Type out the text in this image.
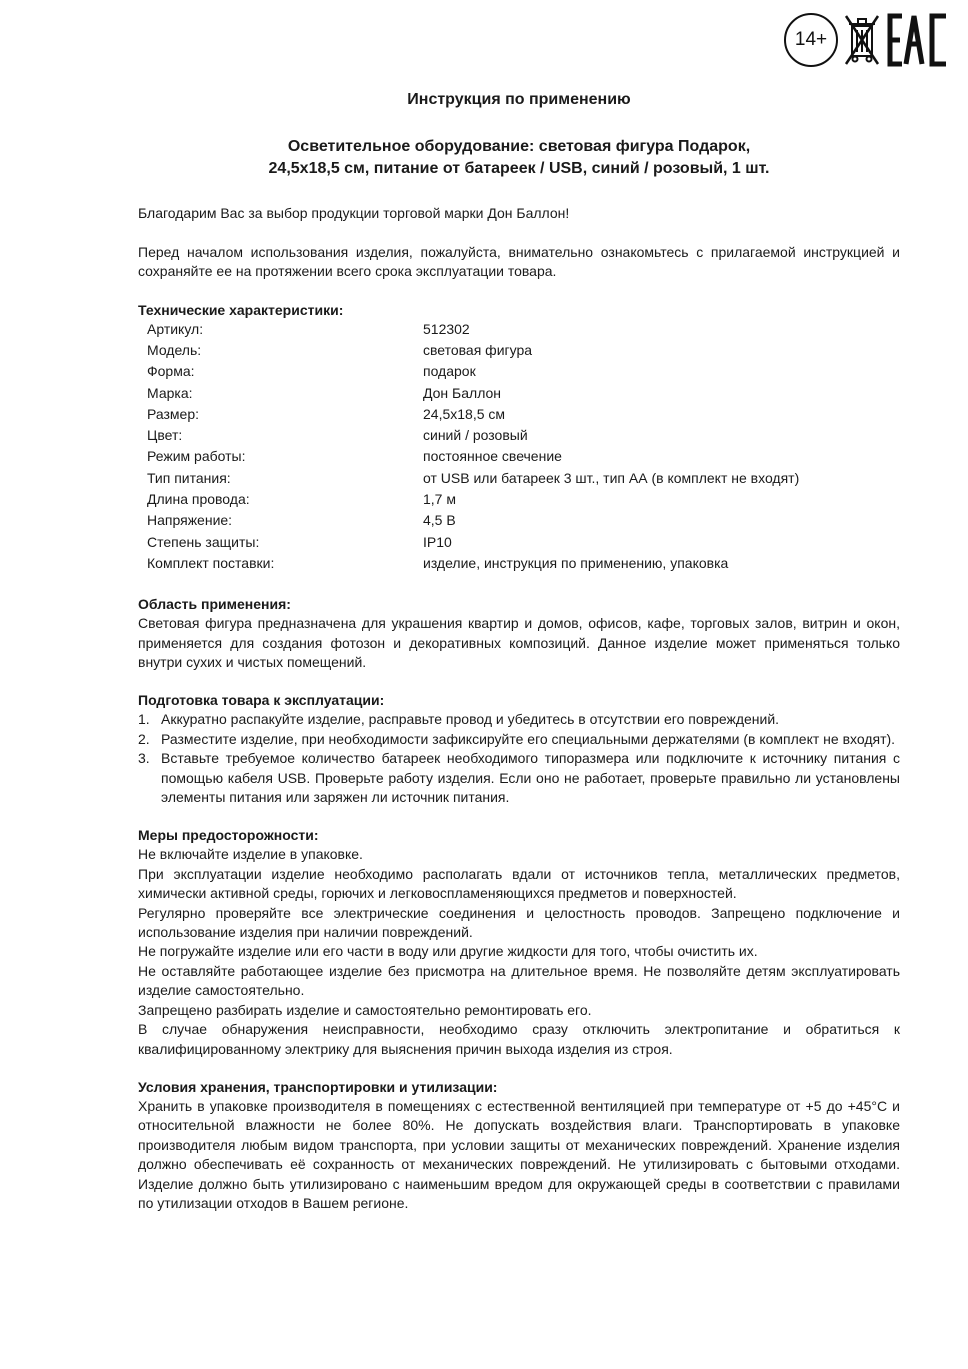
14+

Инструкция по применению

Осветительное оборудование: световая фигура Подарок,
24,5х18,5 см, питание от батареек / USB, синий / розовый, 1 шт.

Благодарим Вас за выбор продукции торговой марки Дон Баллон!

Перед началом использования изделия, пожалуйста, внимательно ознакомьтесь с прилагаемой инструкцией и сохраняйте ее на протяжении всего срока эксплуатации товара.

Технические характеристики:
Артикул:	512302
Модель:	световая фигура
Форма:	подарок
Марка:	Дон Баллон
Размер:	24,5х18,5 см
Цвет:	синий / розовый
Режим работы:	постоянное свечение
Тип питания:	от USB или батареек 3 шт., тип АА (в комплект не входят)
Длина провода:	1,7 м
Напряжение:	4,5 В
Степень защиты:	IP10
Комплект поставки:	изделие, инструкция по применению, упаковка
Область применения:

Световая фигура предназначена для украшения квартир и домов, офисов, кафе, торговых залов, витрин и окон, применяется для создания фотозон и декоративных композиций. Данное изделие может применяться только внутри сухих и чистых помещений.

Подготовка товара к эксплуатации:
1. Аккуратно распакуйте изделие, расправьте провод и убедитесь в отсутствии его повреждений.
2. Разместите изделие, при необходимости зафиксируйте его специальными держателями (в комплект не входят).
3. Вставьте требуемое количество батареек необходимого типоразмера или подключите к источнику питания с помощью кабеля USB. Проверьте работу изделия. Если оно не работает, проверьте правильно ли установлены элементы питания или заряжен ли источник питания.
Меры предосторожности:

Не включайте изделие в упаковке.

При эксплуатации изделие необходимо располагать вдали от источников тепла, металлических предметов, химически активной среды, горючих и легковоспламеняющихся предметов и поверхностей.

Регулярно проверяйте все электрические соединения и целостность проводов. Запрещено подключение и использование изделия при наличии повреждений.

Не погружайте изделие или его части в воду или другие жидкости для того, чтобы очистить их.

Не оставляйте работающее изделие без присмотра на длительное время. Не позволяйте детям эксплуатировать изделие самостоятельно.

Запрещено разбирать изделие и самостоятельно ремонтировать его.

В случае обнаружения неисправности, необходимо сразу отключить электропитание и обратиться к квалифицированному электрику для выяснения причин выхода изделия из строя.

Условия хранения, транспортировки и утилизации:

Хранить в упаковке производителя в помещениях с естественной вентиляцией при температуре от +5 до +45°С и относительной влажности не более 80%. Не допускать воздействия влаги. Транспортировать в упаковке производителя любым видом транспорта, при условии защиты от механических повреждений. Хранение изделия должно обеспечивать её сохранность от механических повреждений. Не утилизировать с бытовыми отходами. Изделие должно быть утилизировано с наименьшим вредом для окружающей среды в соответствии с правилами по утилизации отходов в Вашем регионе.
